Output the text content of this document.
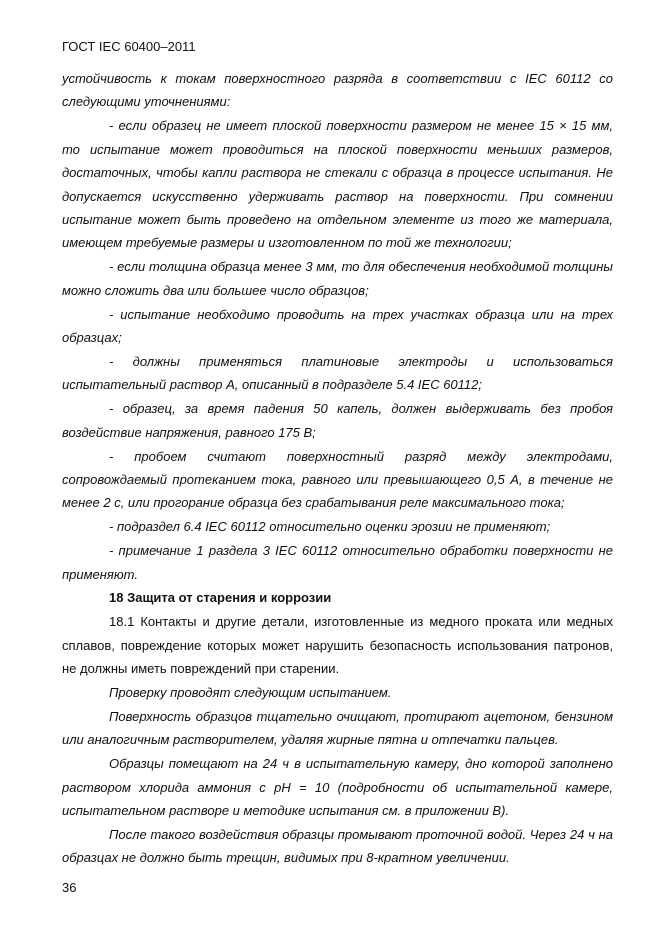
ГОСТ IEC 60400–2011

устойчивость к токам поверхностного разряда в соответствии с IEC 60112 со следующими уточнениями:

- если образец не имеет плоской поверхности размером не менее 15 × 15 мм, то испытание может проводиться на плоской поверхности меньших размеров, достаточных, чтобы капли раствора не стекали с образца в процессе испытания. Не допускается искусственно удерживать раствор на поверхности. При сомнении испытание может быть проведено на отдельном элементе из того же материала, имеющем требуемые размеры и изготовленном по той же технологии;

- если толщина образца менее 3 мм, то для обеспечения необходимой толщины можно сложить два или большее число образцов;

- испытание необходимо проводить на трех участках образца или на трех образцах;

- должны применяться платиновые электроды и использоваться испытательный раствор А, описанный в подразделе 5.4 IEC 60112;

- образец, за время падения 50 капель, должен выдерживать без пробоя воздействие напряжения, равного 175 В;

- пробоем считают поверхностный разряд между электродами, сопровождаемый протеканием тока, равного или превышающего 0,5 А, в течение не менее 2 с, или прогорание образца без срабатывания реле максимального тока;

- подраздел 6.4 IEC 60112 относительно оценки эрозии не применяют;

- примечание 1 раздела 3 IEC 60112 относительно обработки поверхности не применяют.

18 Защита от старения и коррозии

18.1 Контакты и другие детали, изготовленные из медного проката или медных сплавов, повреждение которых может нарушить безопасность использования патронов, не должны иметь повреждений при старении.

Проверку проводят следующим испытанием.

Поверхность образцов тщательно очищают, протирают ацетоном, бензином или аналогичным растворителем, удаляя жирные пятна и отпечатки пальцев.

Образцы помещают на 24 ч в испытательную камеру, дно которой заполнено раствором хлорида аммония с pH = 10 (подробности об испытательной камере, испытательном растворе и методике испытания см. в приложении В).

После такого воздействия образцы промывают проточной водой. Через 24 ч на образцах не должно быть трещин, видимых при 8-кратном увеличении.

36
